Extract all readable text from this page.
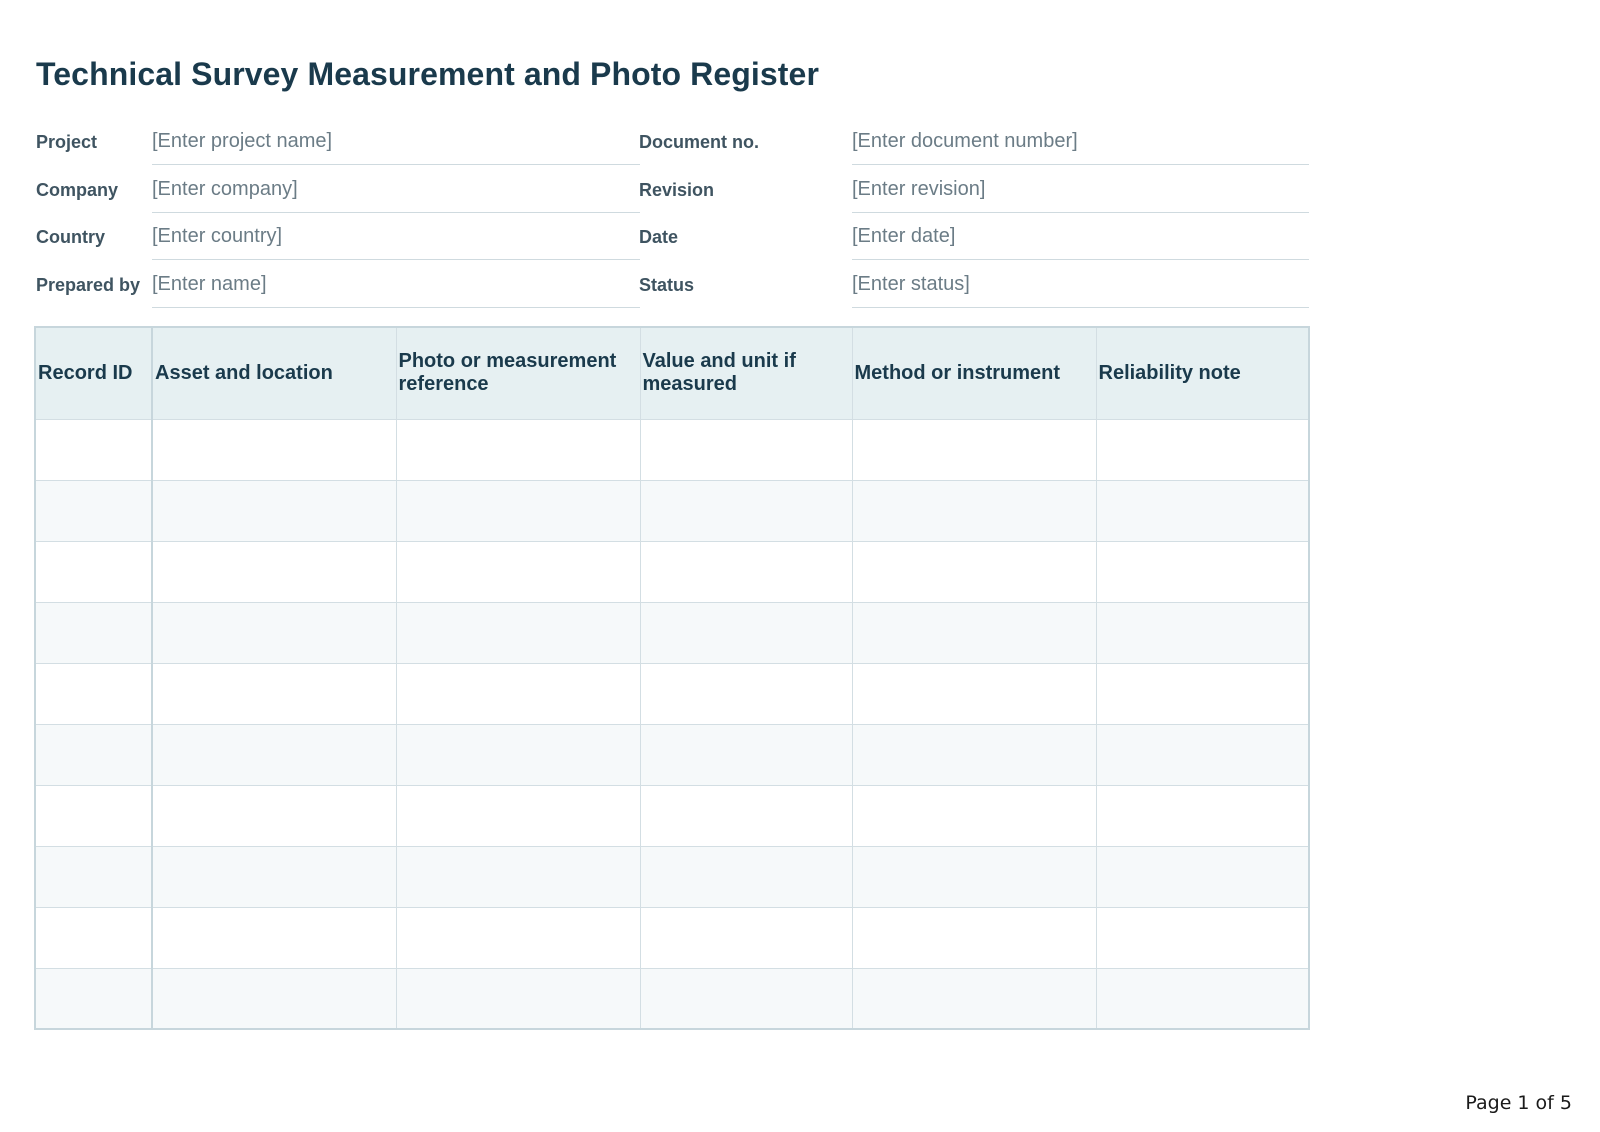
Technical Survey Measurement and Photo Register
Project	[Enter project name]	Document no.	[Enter document number]
Company [Enter company]	Revision	[Enter revision]
Country [Enter country]	Date	[Enter date]
Prepared by [Enter name]	Status	[Enter status]
Record ID	Asset and location	Photo or measurement reference	Value and unit if measured	Method or instrument	Reliability note

Page 1 of 5
